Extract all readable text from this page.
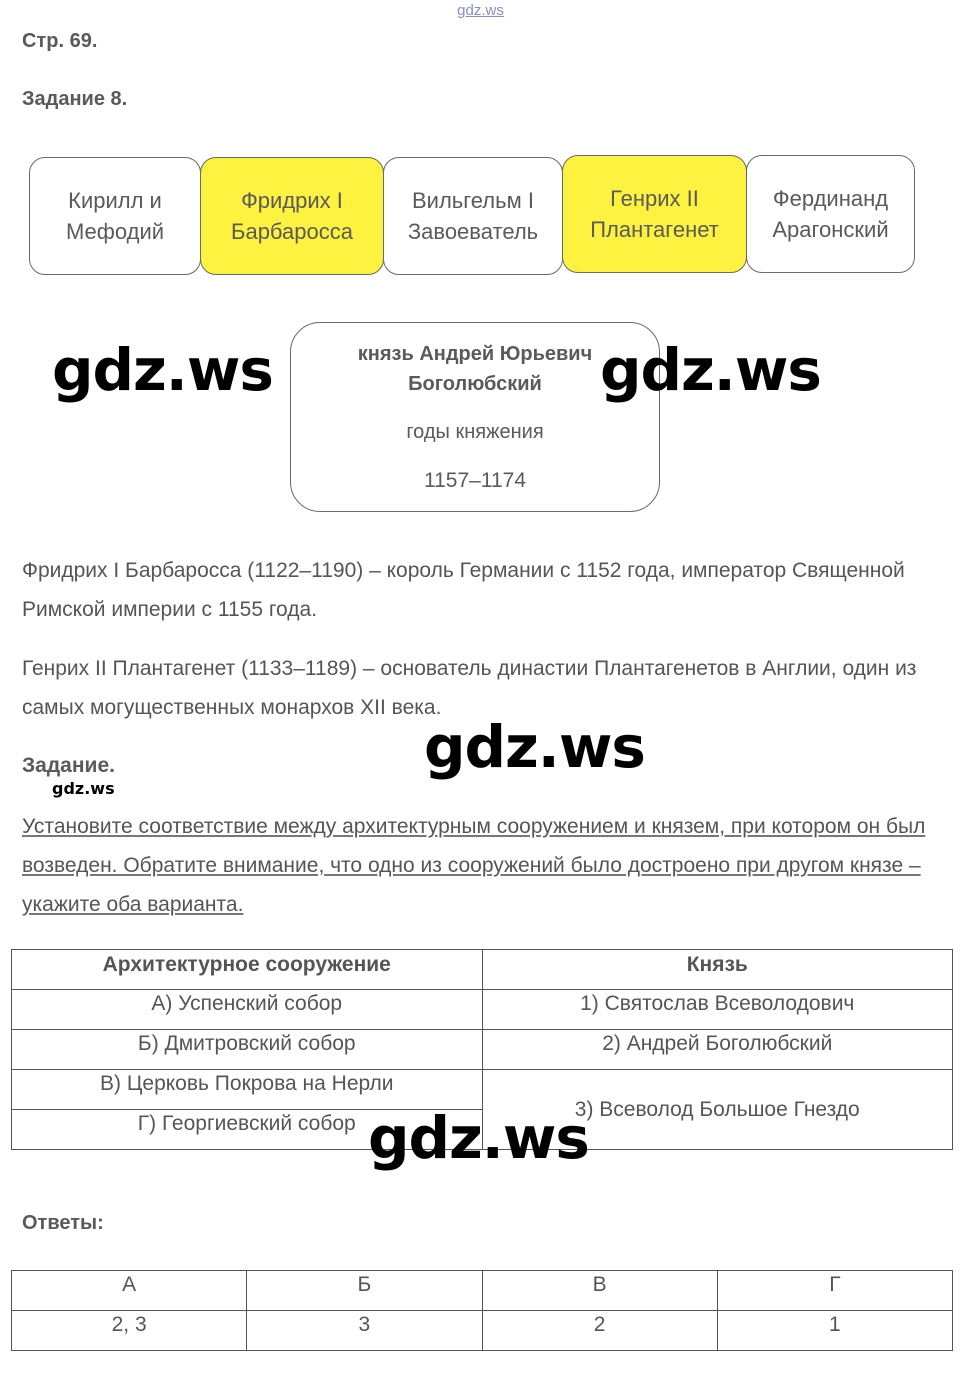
gdz.ws
Стр. 69.
Задание 8.
Кирилл и
Мефодий
Фридрих I
Барбаросса
Вильгельм I
Завоеватель
Генрих II
Плантагенет
Фердинанд
Арагонский
князь Андрей Юрьевич
Боголюбский
годы княжения
1157–1174
gdz.ws	gdz.ws
Фридрих I Барбаросса (1122–1190) – король Германии с 1152 года, император Священной Римской империи с 1155 года.
Генрих II Плантагенет (1133–1189) – основатель династии Плантагенетов в Англии, один из самых могущественных монархов XII века.
gdz.ws
Задание.
gdz.ws
Установите соответствие между архитектурным сооружением и князем, при котором он был возведен. Обратите внимание, что одно из сооружений было достроено при другом князе – укажите оба варианта.
Архитектурное сооружение	Князь
А) Успенский собор	1) Святослав Всеволодович
Б) Дмитровский собор	2) Андрей Боголюбский
В) Церковь Покрова на Нерли	3) Всеволод Большое Гнездо
Г) Георгиевский собор	gdz.ws
Ответы:
А	Б	В	Г
2, 3	3	2	1
